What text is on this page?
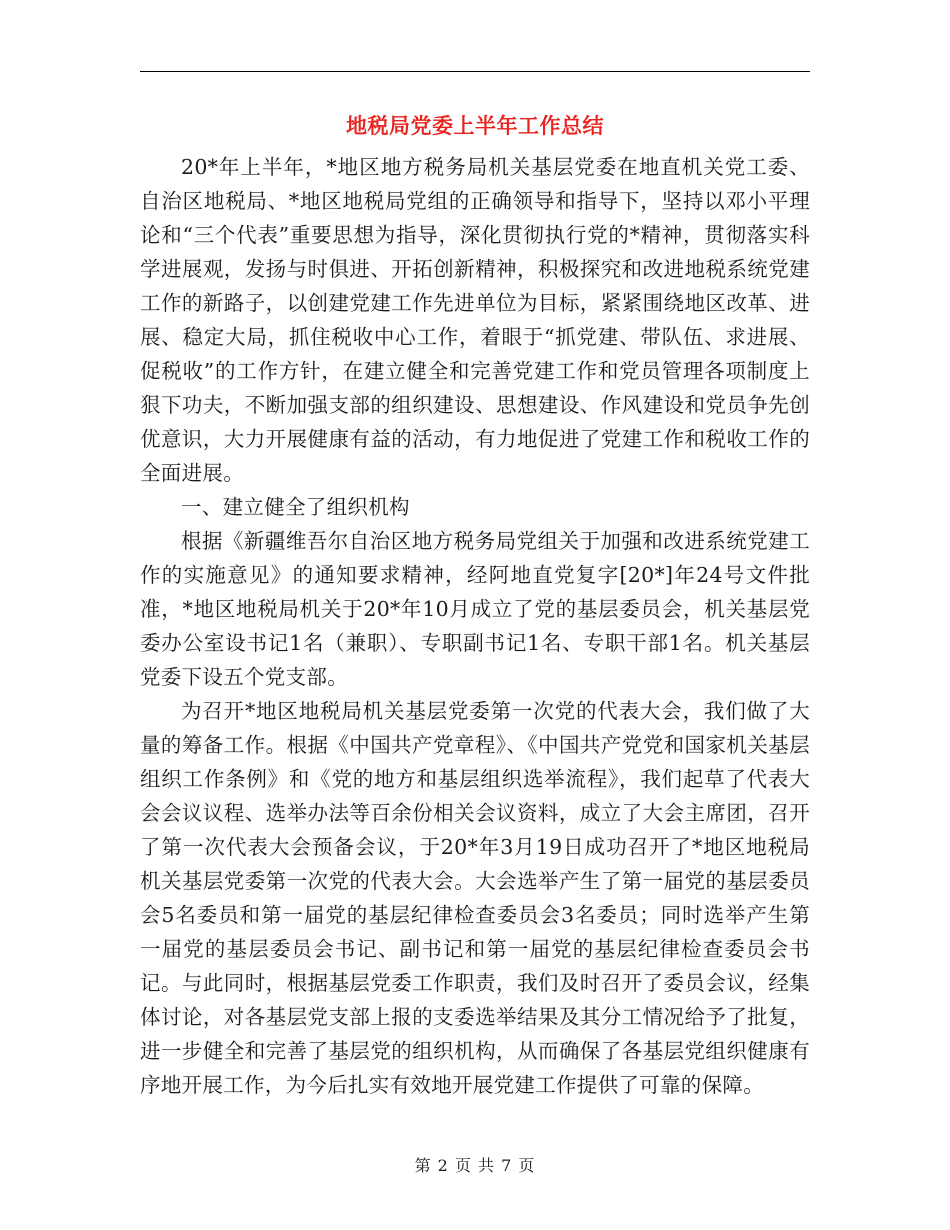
地税局党委上半年工作总结

20*年上半年，*地区地方税务局机关基层党委在地直机关党工委、自治区地税局、*地区地税局党组的正确领导和指导下，坚持以邓小平理论和“三个代表”重要思想为指导，深化贯彻执行党的*精神，贯彻落实科学进展观，发扬与时俱进、开拓创新精神，积极探究和改进地税系统党建工作的新路子，以创建党建工作先进单位为目标，紧紧围绕地区改革、进展、稳定大局，抓住税收中心工作，着眼于“抓党建、带队伍、求进展、促税收”的工作方针，在建立健全和完善党建工作和党员管理各项制度上狠下功夫，不断加强支部的组织建设、思想建设、作风建设和党员争先创优意识，大力开展健康有益的活动，有力地促进了党建工作和税收工作的全面进展。

一、建立健全了组织机构

根据《新疆维吾尔自治区地方税务局党组关于加强和改进系统党建工作的实施意见》的通知要求精神，经阿地直党复字[20*]年24号文件批准，*地区地税局机关于20*年10月成立了党的基层委员会，机关基层党委办公室设书记1名（兼职）、专职副书记1名、专职干部1名。机关基层党委下设五个党支部。

为召开*地区地税局机关基层党委第一次党的代表大会，我们做了大量的筹备工作。根据《中国共产党章程》、《中国共产党党和国家机关基层组织工作条例》和《党的地方和基层组织选举流程》，我们起草了代表大会会议议程、选举办法等百余份相关会议资料，成立了大会主席团，召开了第一次代表大会预备会议，于20*年3月19日成功召开了*地区地税局机关基层党委第一次党的代表大会。大会选举产生了第一届党的基层委员会5名委员和第一届党的基层纪律检查委员会3名委员；同时选举产生第一届党的基层委员会书记、副书记和第一届党的基层纪律检查委员会书记。与此同时，根据基层党委工作职责，我们及时召开了委员会议，经集体讨论，对各基层党支部上报的支委选举结果及其分工情况给予了批复，进一步健全和完善了基层党的组织机构，从而确保了各基层党组织健康有序地开展工作，为今后扎实有效地开展党建工作提供了可靠的保障。

第 2 页 共 7 页
